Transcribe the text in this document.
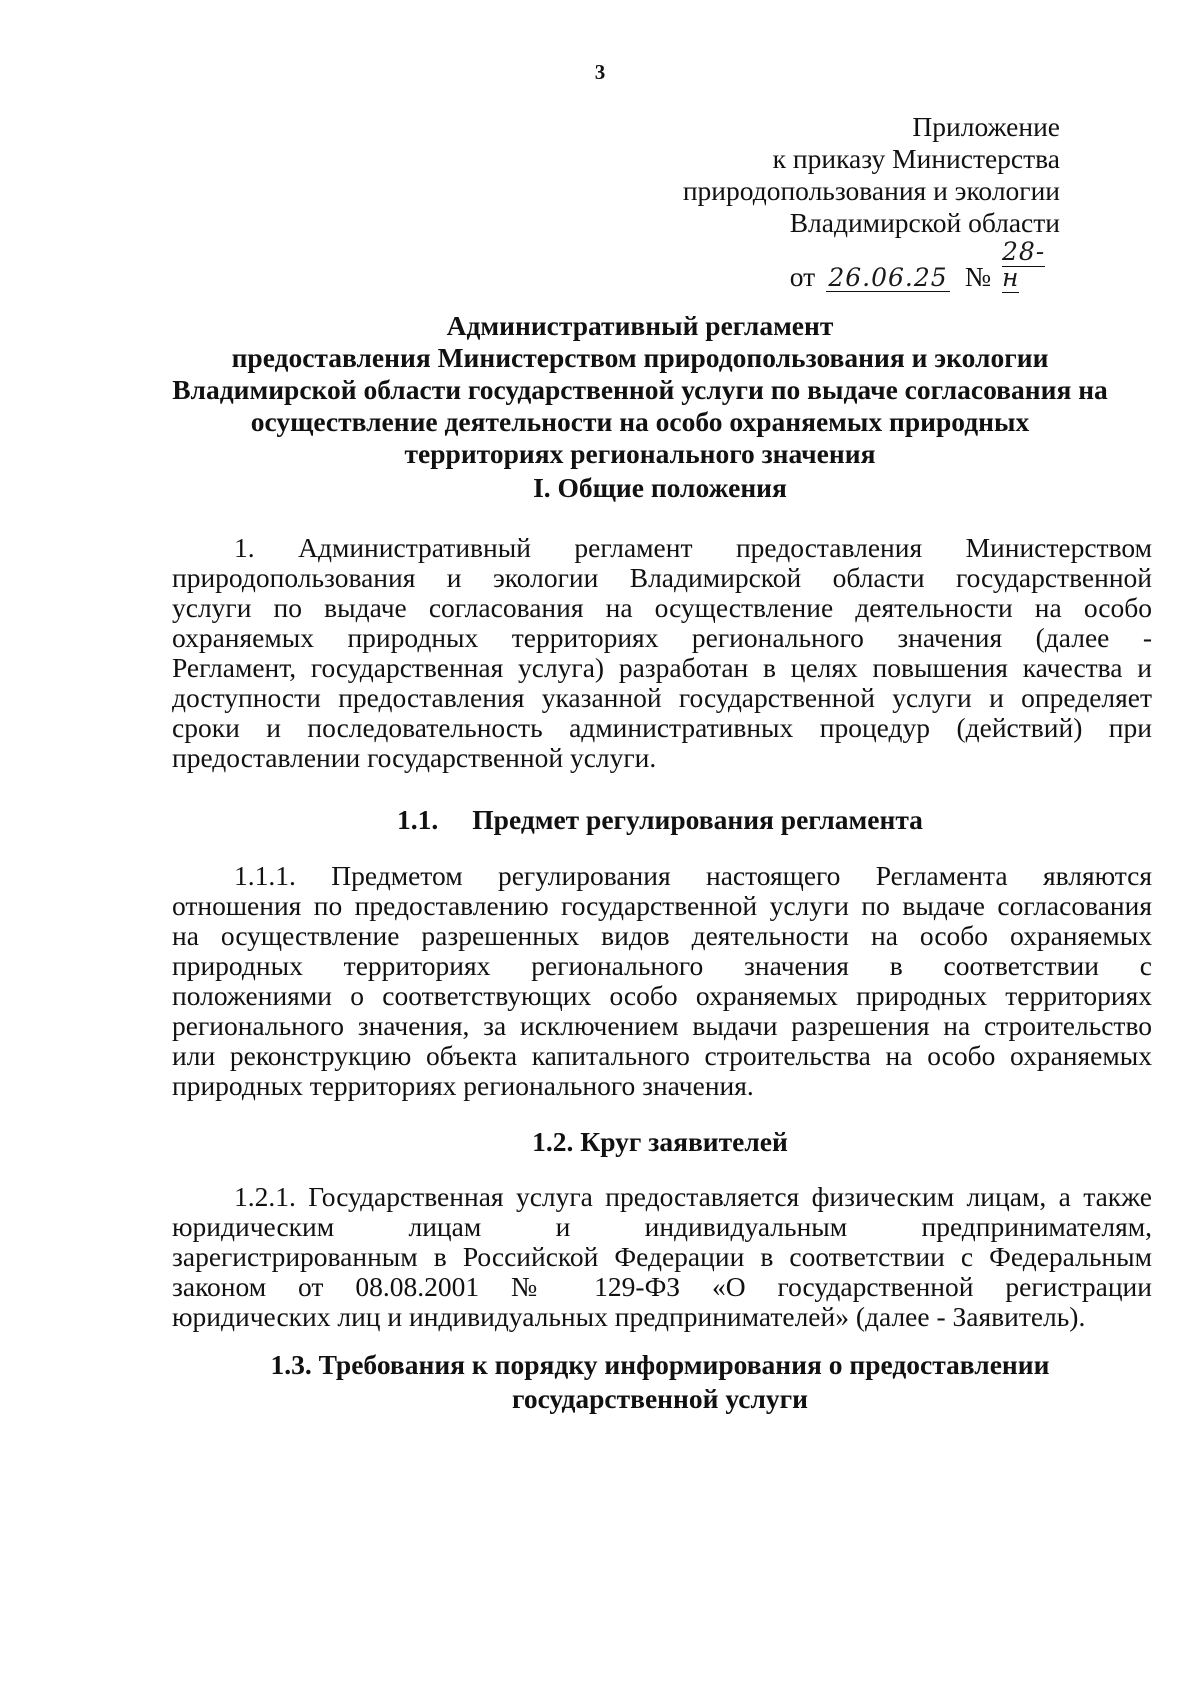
3
Приложение
к приказу Министерства
природопользования и экологии
Владимирской области
от 26.06.25 № 28-н
Административный регламент
предоставления Министерством природопользования и экологии
Владимирской области государственной услуги по выдаче согласования на
осуществление деятельности на особо охраняемых природных
территориях регионального значения
I. Общие положения
1. Административный регламент предоставления Министерством
природопользования и экологии Владимирской области государственной
услуги по выдаче согласования на осуществление деятельности на особо
охраняемых природных территориях регионального значения (далее -
Регламент, государственная услуга) разработан в целях повышения качества и
доступности предоставления указанной государственной услуги и определяет
сроки и последовательность административных процедур (действий) при
предоставлении государственной услуги.
1.1. Предмет регулирования регламента
1.1.1. Предметом регулирования настоящего Регламента являются
отношения по предоставлению государственной услуги по выдаче согласования
на осуществление разрешенных видов деятельности на особо охраняемых
природных территориях регионального значения в соответствии с
положениями о соответствующих особо охраняемых природных территориях
регионального значения, за исключением выдачи разрешения на строительство
или реконструкцию объекта капитального строительства на особо охраняемых
природных территориях регионального значения.
1.2. Круг заявителей
1.2.1. Государственная услуга предоставляется физическим лицам, а также
юридическим лицам и индивидуальным предпринимателям,
зарегистрированным в Российской Федерации в соответствии с Федеральным
законом от 08.08.2001 № 129-ФЗ «О государственной регистрации
юридических лиц и индивидуальных предпринимателей» (далее - Заявитель).
1.3. Требования к порядку информирования о предоставлении
государственной услуги
